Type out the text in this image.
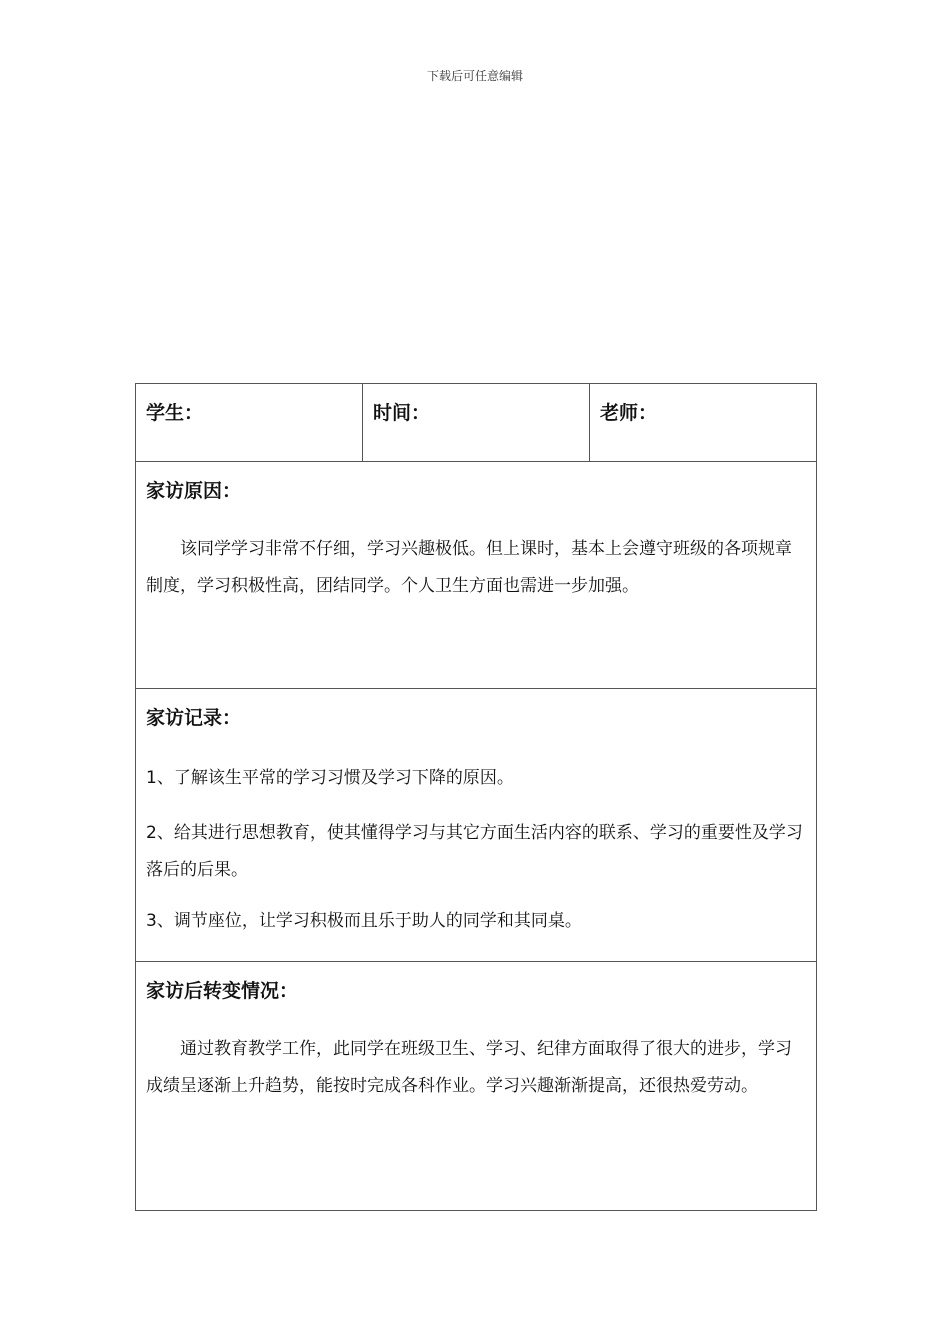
下载后可任意编辑
学生：	时间：	老师：

家访原因：

该同学学习非常不仔细，学习兴趣极低。但上课时，基本上会遵守班级的各项规章制度，学习积极性高，团结同学。个人卫生方面也需进一步加强。

家访记录：

1、了解该生平常的学习习惯及学习下降的原因。

2、给其进行思想教育，使其懂得学习与其它方面生活内容的联系、学习的重要性及学习落后的后果。

3、调节座位，让学习积极而且乐于助人的同学和其同桌。

家访后转变情况：

通过教育教学工作，此同学在班级卫生、学习、纪律方面取得了很大的进步，学习成绩呈逐渐上升趋势，能按时完成各科作业。学习兴趣渐渐提高，还很热爱劳动。
